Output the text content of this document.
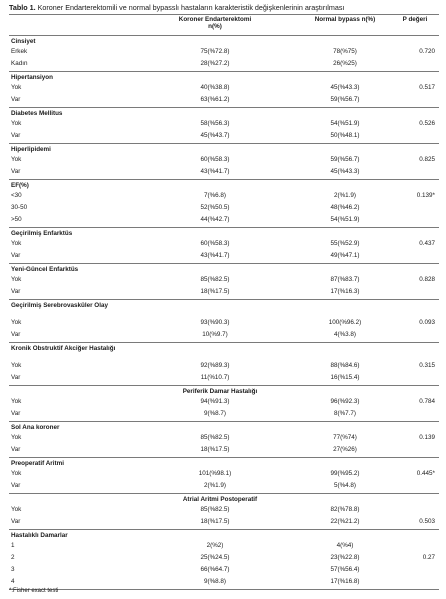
Tablo 1. Koroner Endarterektomili ve normal bypasslı hastaların karakteristik değişkenlerinin araştırılması
Koroner Endarterektomi
n(%)
Normal bypass n(%)	P değeri
Cinsiyet
Erkek	75(%72.8)	78(%75)	0.720
Kadın	28(%27.2)	26(%25)
Hipertansiyon
Yok	40(%38.8)	45(%43.3)	0.517
Var	63(%61.2)	59(%56.7)
Diabetes Mellitus
Yok	58(%56.3)	54(%51.9)	0.526
Var	45(%43.7)	50(%48.1)
Hiperlipidemi
Yok	60(%58.3)	59(%56.7)	0.825
Var	43(%41.7)	45(%43.3)
EF(%)
<30	7(%6.8)	2(%1.9)	0.139*
30-50	52(%50.5)	48(%46.2)
>50	44(%42.7)	54(%51.9)
Geçirilmiş Enfarktüs
Yok	60(%58.3)	55(%52.9)	0.437
Var	43(%41.7)	49(%47.1)
Yeni-Güncel Enfarktüs
Yok	85(%82.5)	87(%83.7)	0.828
Var	18(%17.5)	17(%16.3)
Geçirilmiş Serebrovasküler Olay
Yok	93(%90.3)	100(%96.2)	0.093
Var	10(%9.7)	4(%3.8)
Kronik Obstruktif Akciğer Hastalığı
Yok	92(%89.3)	88(%84.6)	0.315
Var	11(%10.7)	16(%15.4)
Periferik Damar Hastalığı
Yok	94(%91.3)	96(%92.3)	0.784
Var	9(%8.7)	8(%7.7)
Sol Ana koroner
Yok	85(%82.5)	77(%74)	0.139
Var	18(%17.5)	27(%26)
Preoperatif Aritmi
Yok	101(%98.1)	99(%95.2)	0.445*
Var	2(%1.9)	5(%4.8)
Atrial Aritmi Postoperatif
Yok	85(%82.5)	82(%78.8)
Var	18(%17.5)	22(%21.2)	0.503
Hastalıklı Damarlar
1	2(%2)	4(%4)
2	25(%24.5)	23(%22.8)	0.27
3	66(%64.7)	57(%56.4)
4	9(%8.8)	17(%16.8)
*:Fisher exact testi
